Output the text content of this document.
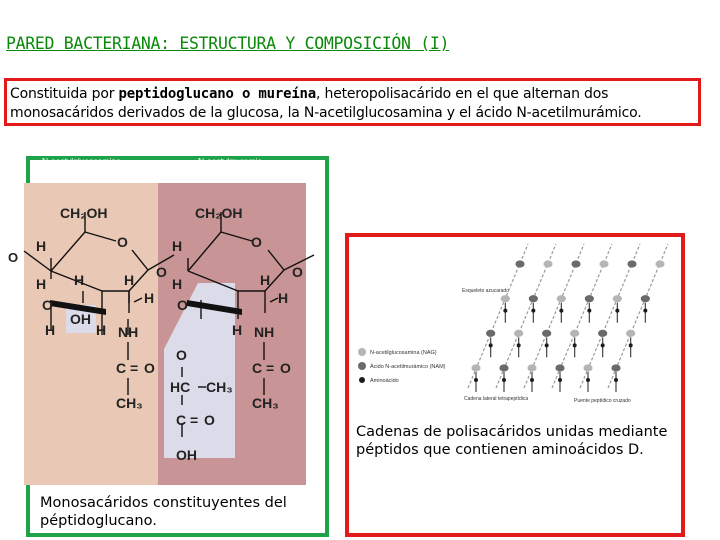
PARED BACTERIANA: ESTRUCTURA Y COMPOSICIÓN (I)
Constituida por peptidoglucano o mureína, heteropolisacárido en el que alternan dos monosacáridos derivados de la glucosa, la N-acetilglucosamina y el ácido N-acetilmurámico.
N-acetylglucosamine
(NAG)
N-acetylmuramic
acid (NAM)
CH₂OH	CH₂OH
H	O	H	O
O
O
O
H	H
H
O
.
OH
H	H
H	H
O
H	H NH	H NH
O
C = O	C = O
HC CH₃
CH₃	CH₃
C = O
OH
Monosacáridos constituyentes del péptidoglucano.
N-acetilglucosamina (NAG)
Ácido N-acetilmurámico (NAM)
Aminoácido
Esqueleto azucarado
Cadena lateral tetrapeptídica	Puente peptídico cruzado
Cadenas de polisacáridos unidas mediante péptidos que contienen aminoácidos D.
